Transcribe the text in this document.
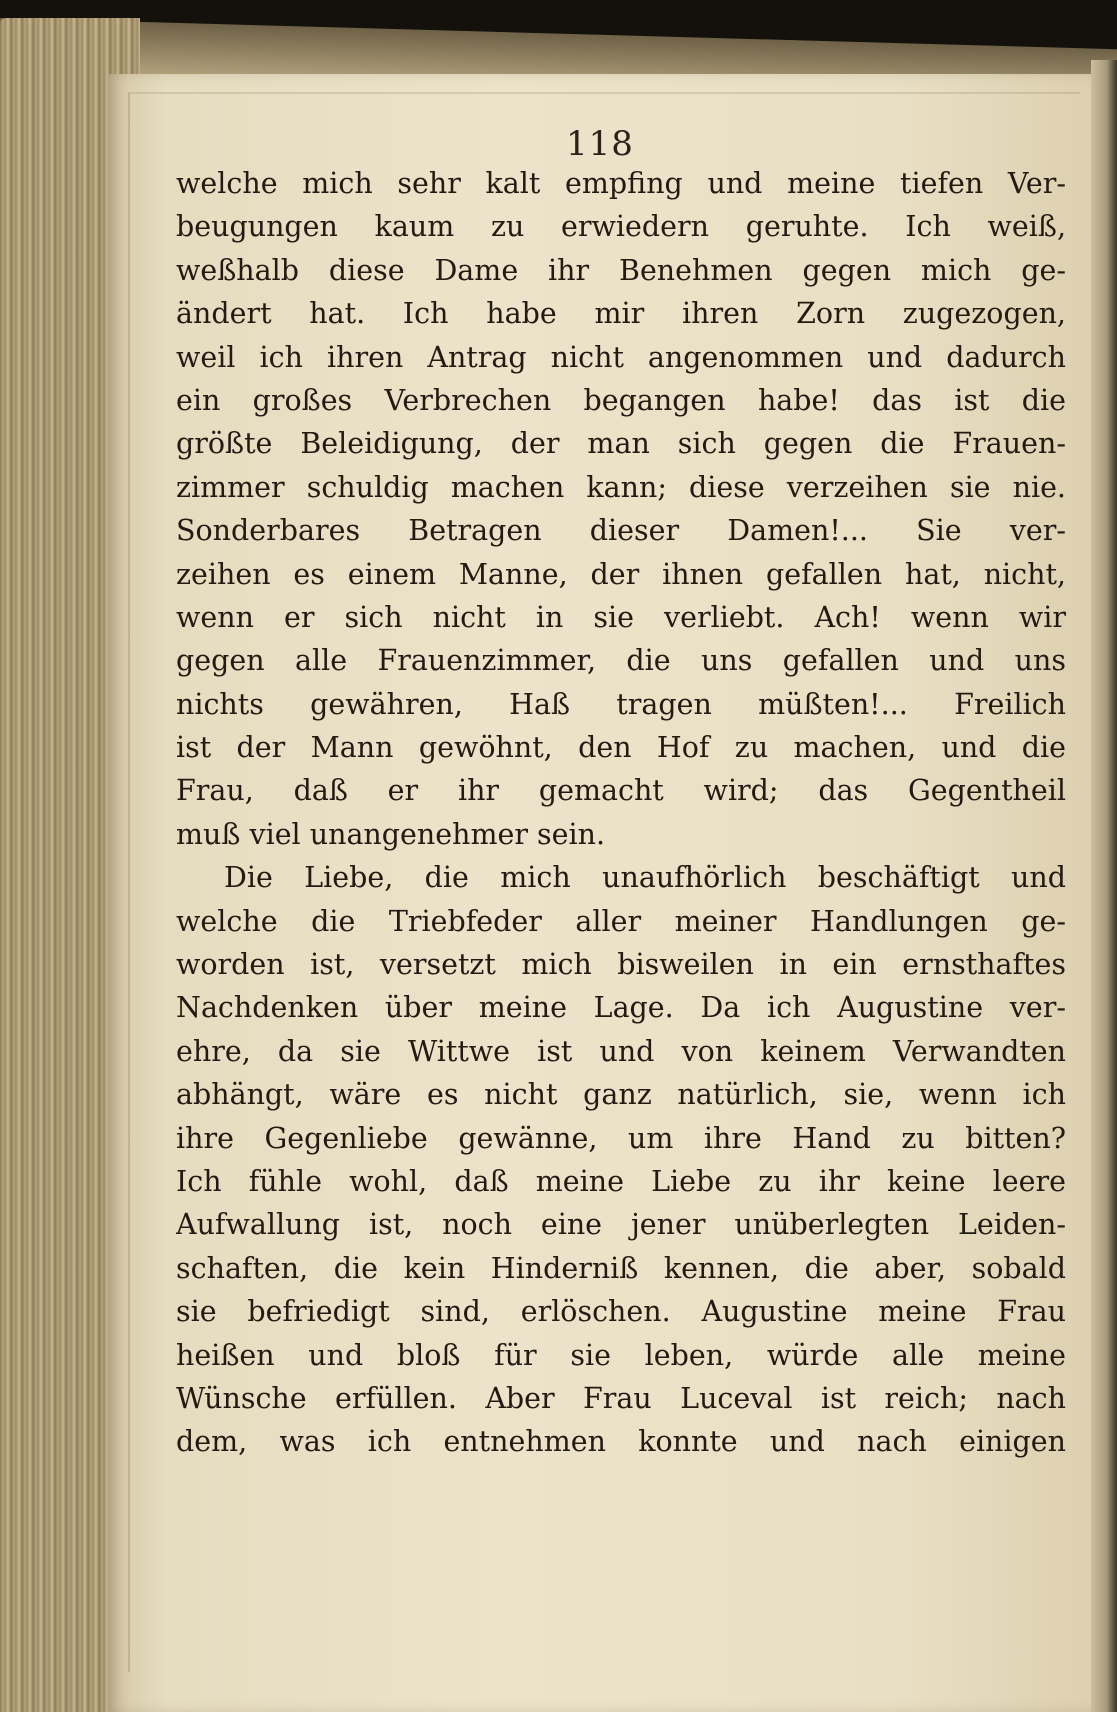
118
welche mich sehr kalt empfing und meine tiefen Ver-
beugungen kaum zu erwiedern geruhte. Ich weiß,
weßhalb diese Dame ihr Benehmen gegen mich ge-
ändert hat. Ich habe mir ihren Zorn zugezogen,
weil ich ihren Antrag nicht angenommen und dadurch
ein großes Verbrechen begangen habe! das ist die
größte Beleidigung, der man sich gegen die Frauen-
zimmer schuldig machen kann; diese verzeihen sie nie.
Sonderbares Betragen dieser Damen!... Sie ver-
zeihen es einem Manne, der ihnen gefallen hat, nicht,
wenn er sich nicht in sie verliebt. Ach! wenn wir
gegen alle Frauenzimmer, die uns gefallen und uns
nichts gewähren, Haß tragen müßten!... Freilich
ist der Mann gewöhnt, den Hof zu machen, und die
Frau, daß er ihr gemacht wird; das Gegentheil
muß viel unangenehmer sein.
Die Liebe, die mich unaufhörlich beschäftigt und
welche die Triebfeder aller meiner Handlungen ge-
worden ist, versetzt mich bisweilen in ein ernsthaftes
Nachdenken über meine Lage. Da ich Augustine ver-
ehre, da sie Wittwe ist und von keinem Verwandten
abhängt, wäre es nicht ganz natürlich, sie, wenn ich
ihre Gegenliebe gewänne, um ihre Hand zu bitten?
Ich fühle wohl, daß meine Liebe zu ihr keine leere
Aufwallung ist, noch eine jener unüberlegten Leiden-
schaften, die kein Hinderniß kennen, die aber, sobald
sie befriedigt sind, erlöschen. Augustine meine Frau
heißen und bloß für sie leben, würde alle meine
Wünsche erfüllen. Aber Frau Luceval ist reich; nach
dem, was ich entnehmen konnte und nach einigen
